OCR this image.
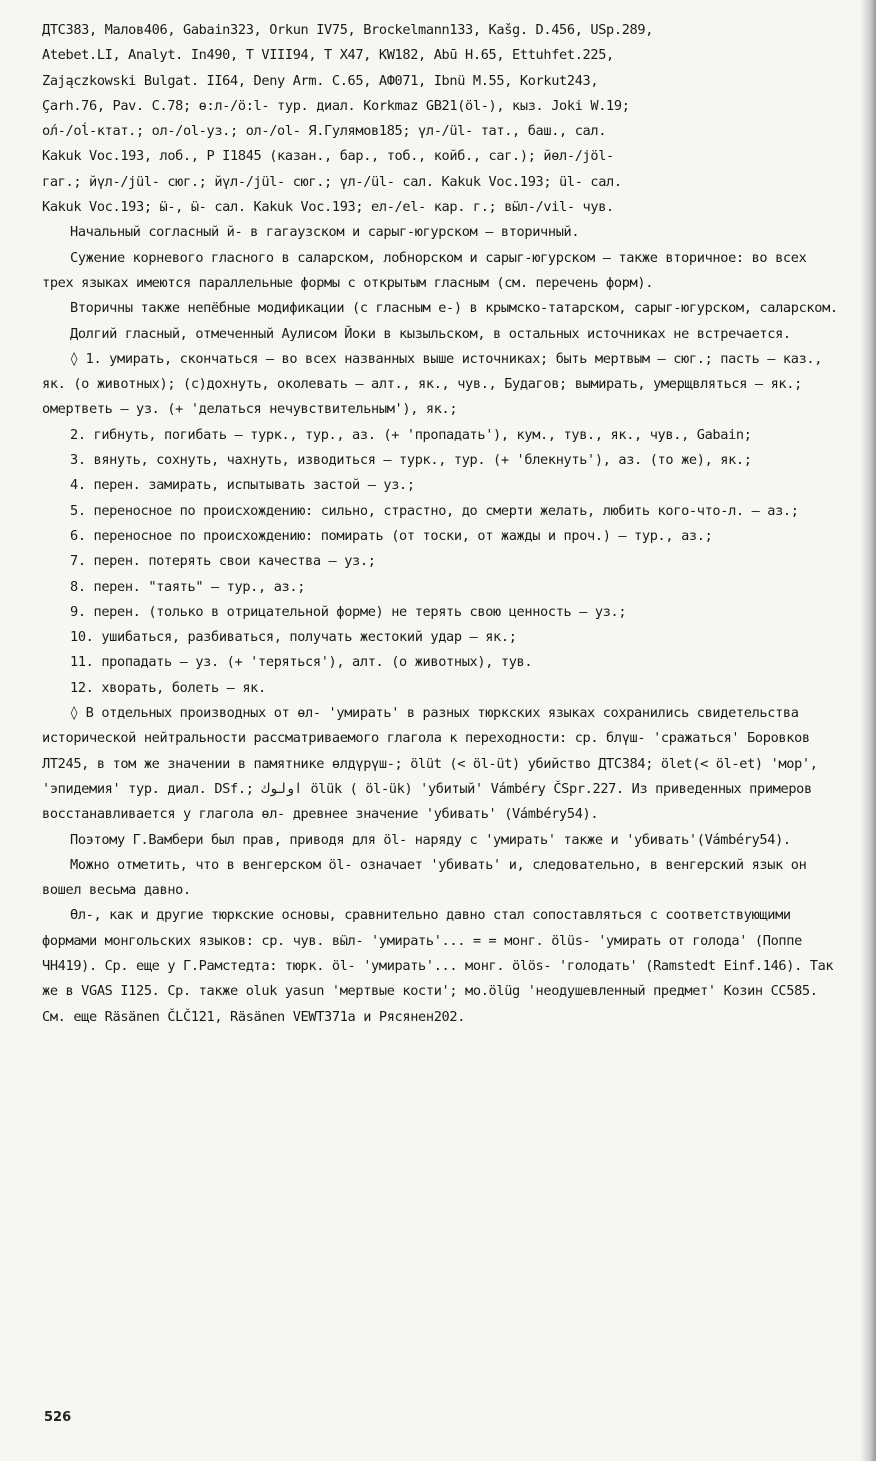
ДТС383, Малов406, Gabain323, Orkun IV75, Brockelmann133, Kašg. D.456, USp.289,
Atebet.LI, Analyt. In490, T VIII94, T X47, KW182, Abū H.65, Ettuhfet.225,
Zajączkowski Bulgat. II64, Deny Arm. C.65, АФ071, Ibnü M.55, Korkut243,
Çarh.76, Pav. C.78; ө:л-/ö:l- тур. диал. Korkmaz GB21(öl-), кыз. Joki W.19;
ол́-/oĺ-ктат.; ол-/ol-уз.; ол-/ol- Я.Гулямов185; үл-/ül- тат., баш., сал.
Kakuk Voc.193, лоб., P I1845 (казан., бар., тоб., койб., саг.); йөл-/jöl-
гаг.; йүл-/jül- сюг.; йүл-/jül- сюг.; үл-/ül- сал. Kakuk Voc.193; ül- сал.
Kakuk Voc.193; ӹ-, ӹ- сал. Kakuk Voc.193; ел-/el- кар. г.; вӹл-/vil- чув.

Начальный согласный й- в гагаузском и сарыг-югурском – вторичный.

Сужение корневого гласного в саларском, лобнорском и сарыг-югурском – также вторичное: во всех трех языках имеются параллельные формы с открытым гласным (см. перечень форм).

Вторичны также непёбные модификации (с гласным е-) в крымско-татарском, сарыг-югурском, саларском.

Долгий гласный, отмеченный Аулисом Йоки в кызыльском, в остальных источниках не встречается.

◊ 1. умирать, скончаться – во всех названных выше источниках; быть мертвым – сюг.; пасть – каз., як. (о животных); (с)дохнуть, околевать – алт., як., чув., Будагов; вымирать, умерщвляться – як.; омертветь – уз. (+ 'делаться нечувствительным'), як.;

2. гибнуть, погибать – турк., тур., аз. (+ 'пропадать'), кум., тув., як., чув., Gabain;

3. вянуть, сохнуть, чахнуть, изводиться – турк., тур. (+ 'блекнуть'), аз. (то же), як.;

4. перен. замирать, испытывать застой – уз.;

5. переносное по происхождению: сильно, страстно, до смерти желать, любить кого-что-л. – аз.;

6. переносное по происхождению: помирать (от тоски, от жажды и проч.) – тур., аз.;

7. перен. потерять свои качества – уз.;

8. перен. "таять" – тур., аз.;

9. перен. (только в отрицательной форме) не терять свою ценность – уз.;

10. ушибаться, разбиваться, получать жестокий удар – як.;

11. пропадать – уз. (+ 'теряться'), алт. (о животных), тув.

12. хворать, болеть – як.

◊ В отдельных производных от өл- 'умирать' в разных тюркских языках сохранились свидетельства исторической нейтральности рассматриваемого глагола к переходности: ср. блүш- 'сражаться' Боровков ЛТ245, в том же значении в памятнике өлдүрүш-; ölüt (< öl-üt) убийство ДТС384; ölet(< öl-et) 'мор', 'эпидемия' тур. диал. DSf.; اولوك ölük ( öl-ük) 'убитый' Vámbéry ČSpr.227. Из приведенных примеров восстанавливается у глагола өл- древнее значение 'убивать' (Vámbéry54).

Поэтому Г.Вамбери был прав, приводя для öl- наряду с 'умирать' также и 'убивать'(Vámbéry54).

Можно отметить, что в венгерском öl- означает 'убивать' и, следовательно, в венгерский язык он вошел весьма давно.

Өл-, как и другие тюркские основы, сравнительно давно стал сопоставляться с соответствующими формами монгольских языков: ср. чув. вӹл- 'умирать'... = = монг. ölüs- 'умирать от голода' (Поппе ЧН419). Ср. еще у Г.Рамстедта: тюрк. öl- 'умирать'... монг. ölös- 'голодать' (Ramstedt Einf.146). Так же в VGAS I125. Ср. также oluk yasun 'мертвые кости'; мо.ölüg 'неодушевленный предмет' Козин СС585. См. еще Räsänen ČLČ121, Räsänen VEWT371a и Рясянен202.

526
